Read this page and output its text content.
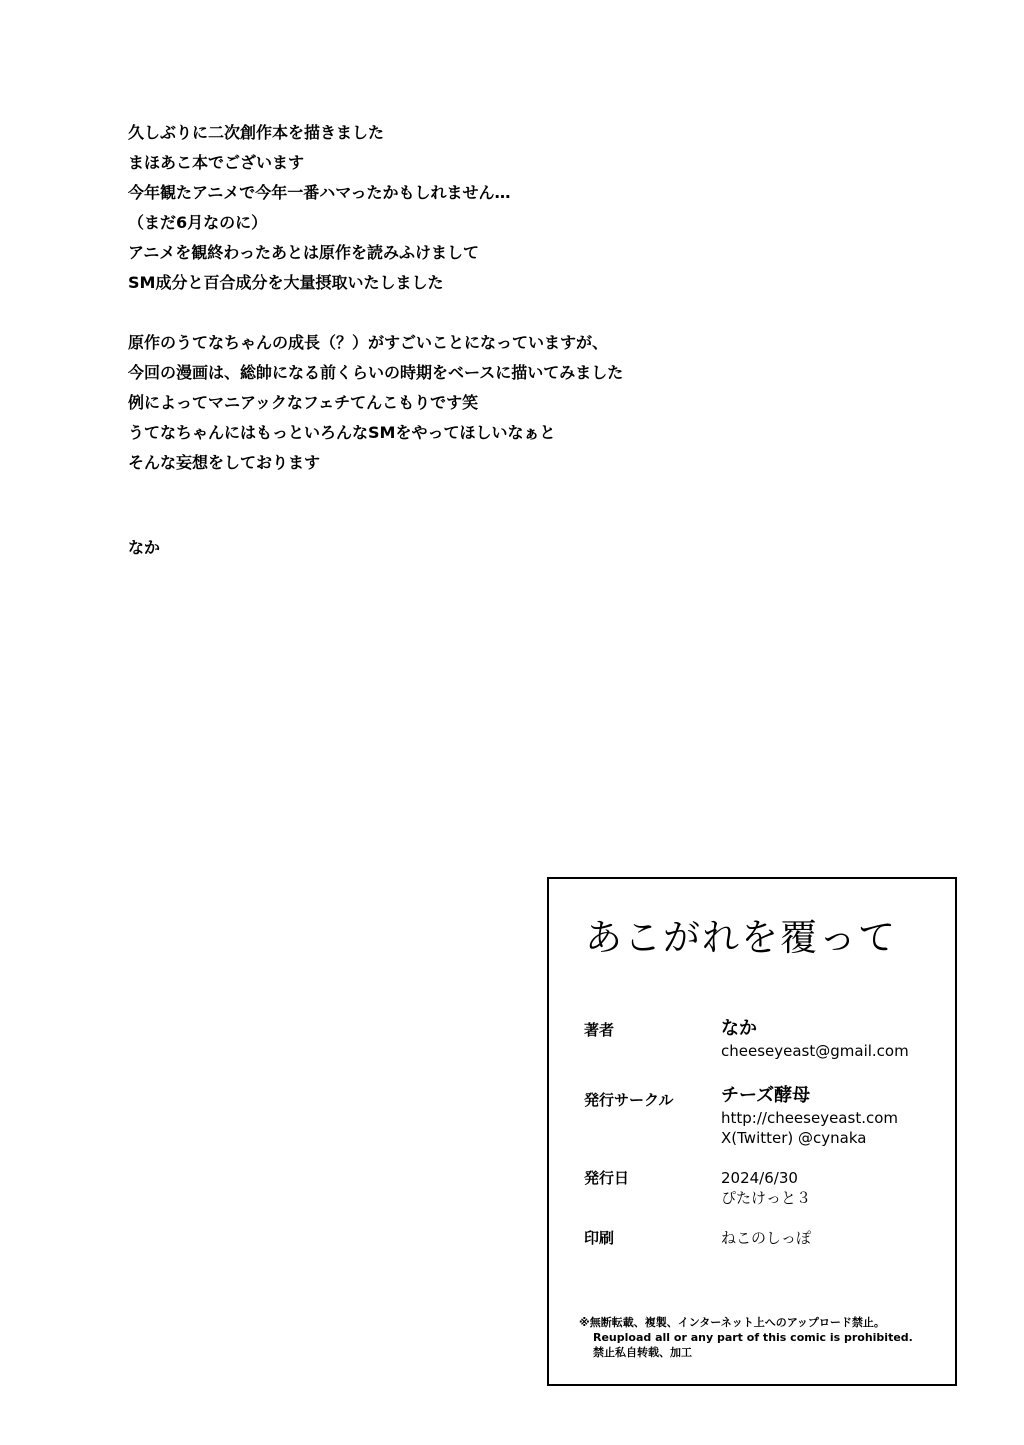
久しぶりに二次創作本を描きました
まほあこ本でございます
今年観たアニメで今年一番ハマったかもしれません…
（まだ6月なのに）
アニメを観終わったあとは原作を読みふけまして
SM成分と百合成分を大量摂取いたしました
原作のうてなちゃんの成長（？）がすごいことになっていますが、
今回の漫画は、総帥になる前くらいの時期をベースに描いてみました
例によってマニアックなフェチてんこもりです笑
うてなちゃんにはもっといろんなSMをやってほしいなぁと
そんな妄想をしております
なか
あこがれを覆って
著者	なか
cheeseyeast@gmail.com
発行サークル	チーズ酵母
http://cheeseyeast.com
X(Twitter) @cynaka
発行日	2024/6/30
ぴたけっと３
印刷	ねこのしっぽ
※無断転載、複製、インターネット上へのアップロード禁止。
Reupload all or any part of this comic is prohibited.
禁止私自转载、加工
